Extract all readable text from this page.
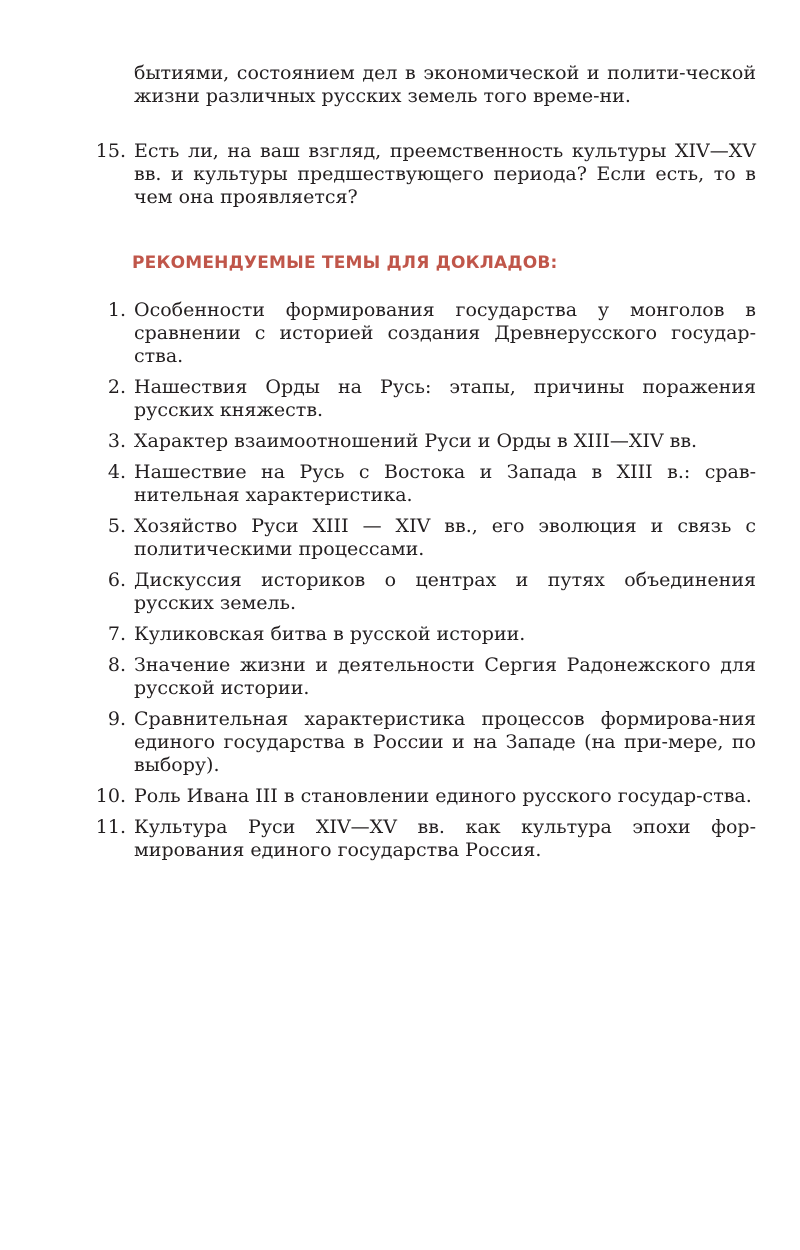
бытиями, состоянием дел в экономической и полити-ческой жизни различных русских земель того време-ни.

15. Есть ли, на ваш взгляд, преемственность культуры XIV—XV вв. и культуры предшествующего периода? Если есть, то в чем она проявляется?
РЕКОМЕНДУЕМЫЕ ТЕМЫ ДЛЯ ДОКЛАДОВ:
1. Особенности формирования государства у монголов в сравнении с историей создания Древнерусского государ-ства.
2. Нашествия Орды на Русь: этапы, причины поражения русских княжеств.
3. Характер взаимоотношений Руси и Орды в XIII—XIV вв.
4. Нашествие на Русь с Востока и Запада в XIII в.: срав-нительная характеристика.
5. Хозяйство Руси XIII — XIV вв., его эволюция и связь с политическими процессами.
6. Дискуссия историков о центрах и путях объединения русских земель.
7. Куликовская битва в русской истории.
8. Значение жизни и деятельности Сергия Радонежского для русской истории.
9. Сравнительная характеристика процессов формирова-ния единого государства в России и на Западе (на при-мере, по выбору).
10. Роль Ивана III в становлении единого русского государ-ства.
11. Культура Руси XIV—XV вв. как культура эпохи фор-мирования единого государства Россия.
